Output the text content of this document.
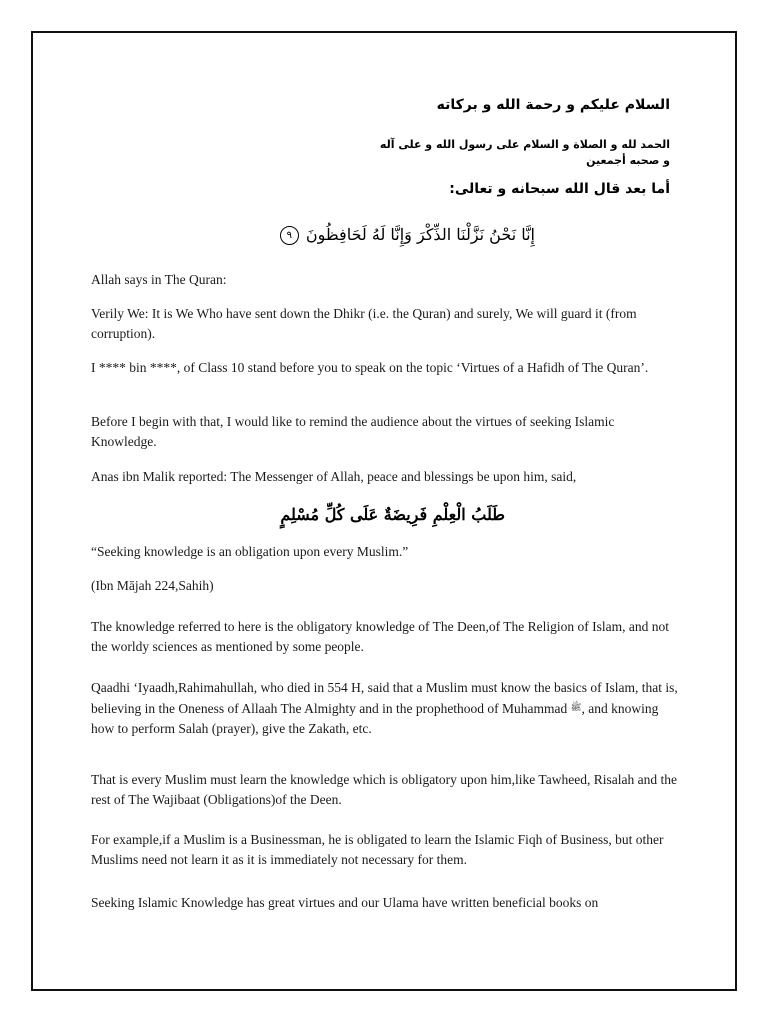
السلام عليكم و رحمة الله و بركاته
الحمد لله و الصلاة و السلام على رسول الله و على آله و صحبه أجمعين
أما بعد قال الله سبحانه و تعالى:
إِنَّا نَحْنُ نَزَّلْنَا الذِّكْرَ وَإِنَّا لَهُ لَحَافِظُونَ ٩

Allah says in The Quran:

Verily We: It is We Who have sent down the Dhikr (i.e. the Quran) and surely, We will guard it (from corruption).

I **** bin ****, of Class 10 stand before you to speak on the topic ‘Virtues of a Hafidh of The Quran’.

Before I begin with that, I would like to remind the audience about the virtues of seeking Islamic Knowledge.

Anas ibn Malik reported: The Messenger of Allah, peace and blessings be upon him, said,

طَلَبُ الْعِلْمِ فَرِيضَةٌ عَلَى كُلِّ مُسْلِمٍ

“Seeking knowledge is an obligation upon every Muslim.”

(Ibn Mājah 224,Sahih)

The knowledge referred to here is the obligatory knowledge of The Deen,of The Religion of Islam, and not the worldy sciences as mentioned by some people.

Qaadhi ‘Iyaadh,Rahimahullah, who died in 554 H, said that a Muslim must know the basics of Islam, that is, believing in the Oneness of Allaah The Almighty and in the prophethood of Muhammad ﷺ, and knowing how to perform Salah (prayer), give the Zakath, etc.

That is every Muslim must learn the knowledge which is obligatory upon him,like Tawheed, Risalah and the rest of The Wajibaat (Obligations)of the Deen.

For example,if a Muslim is a Businessman, he is obligated to learn the Islamic Fiqh of Business, but other Muslims need not learn it as it is immediately not necessary for them.

Seeking Islamic Knowledge has great virtues and our Ulama have written beneficial books on
